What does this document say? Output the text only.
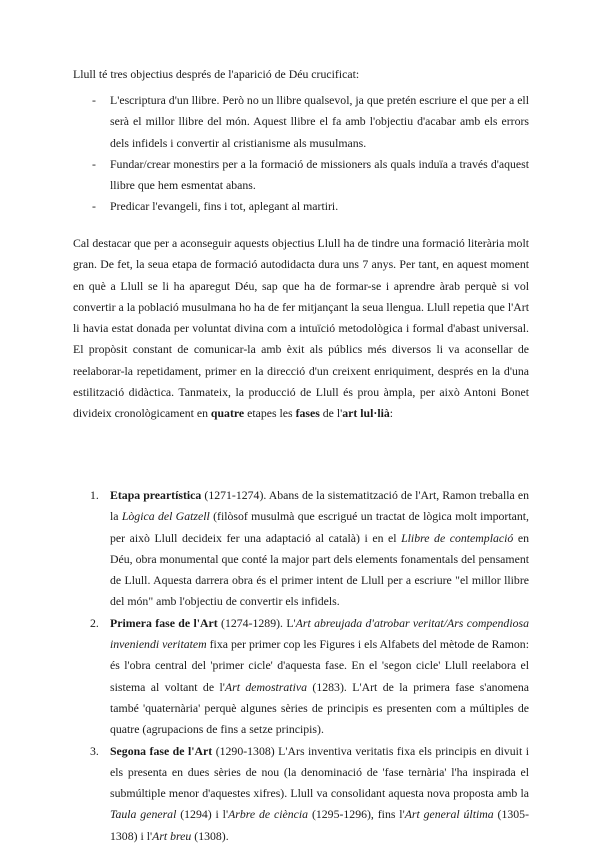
Llull té tres objectius després de l'aparició de Déu crucificat:

- L'escriptura d'un llibre. Però no un llibre qualsevol, ja que pretén escriure el que per a ell serà el millor llibre del món. Aquest llibre el fa amb l'objectiu d'acabar amb els errors dels infidels i convertir al cristianisme als musulmans.
- Fundar/crear monestirs per a la formació de missioners als quals induïa a través d'aquest llibre que hem esmentat abans.
- Predicar l'evangeli, fins i tot, aplegant al martiri.

Cal destacar que per a aconseguir aquests objectius Llull ha de tindre una formació literària molt gran. De fet, la seua etapa de formació autodidacta dura uns 7 anys. Per tant, en aquest moment en què a Llull se li ha aparegut Déu, sap que ha de formar-se i aprendre àrab perquè si vol convertir a la població musulmana ho ha de fer mitjançant la seua llengua. Llull repetia que l'Art li havia estat donada per voluntat divina com a intuïció metodològica i formal d'abast universal. El propòsit constant de comunicar-la amb èxit als públics més diversos li va aconsellar de reelaborar-la repetidament, primer en la direcció d'un creixent enriquiment, després en la d'una estilització didàctica. Tanmateix, la producció de Llull és prou àmpla, per això Antoni Bonet divideix cronològicament en quatre etapes les fases de l'art lul·lià:

1. Etapa preartística (1271-1274). Abans de la sistematització de l'Art, Ramon treballa en la Lògica del Gatzell (filòsof musulmà que escrigué un tractat de lògica molt important, per això Llull decideix fer una adaptació al català) i en el Llibre de contemplació en Déu, obra monumental que conté la major part dels elements fonamentals del pensament de Llull. Aquesta darrera obra és el primer intent de Llull per a escriure "el millor llibre del món" amb l'objectiu de convertir els infidels.
2. Primera fase de l'Art (1274-1289). L'Art abreujada d'atrobar veritat/Ars compendiosa inveniendi veritatem fixa per primer cop les Figures i els Alfabets del mètode de Ramon: és l'obra central del 'primer cicle' d'aquesta fase. En el 'segon cicle' Llull reelabora el sistema al voltant de l'Art demostrativa (1283). L'Art de la primera fase s'anomena també 'quaternària' perquè algunes sèries de principis es presenten com a múltiples de quatre (agrupacions de fins a setze principis).
3. Segona fase de l'Art (1290-1308) L'Ars inventiva veritatis fixa els principis en divuit i els presenta en dues sèries de nou (la denominació de 'fase ternària' l'ha inspirada el submúltiple menor d'aquestes xifres). Llull va consolidant aquesta nova proposta amb la Taula general (1294) i l'Arbre de ciència (1295-1296), fins l'Art general última (1305-1308) i l'Art breu (1308).
